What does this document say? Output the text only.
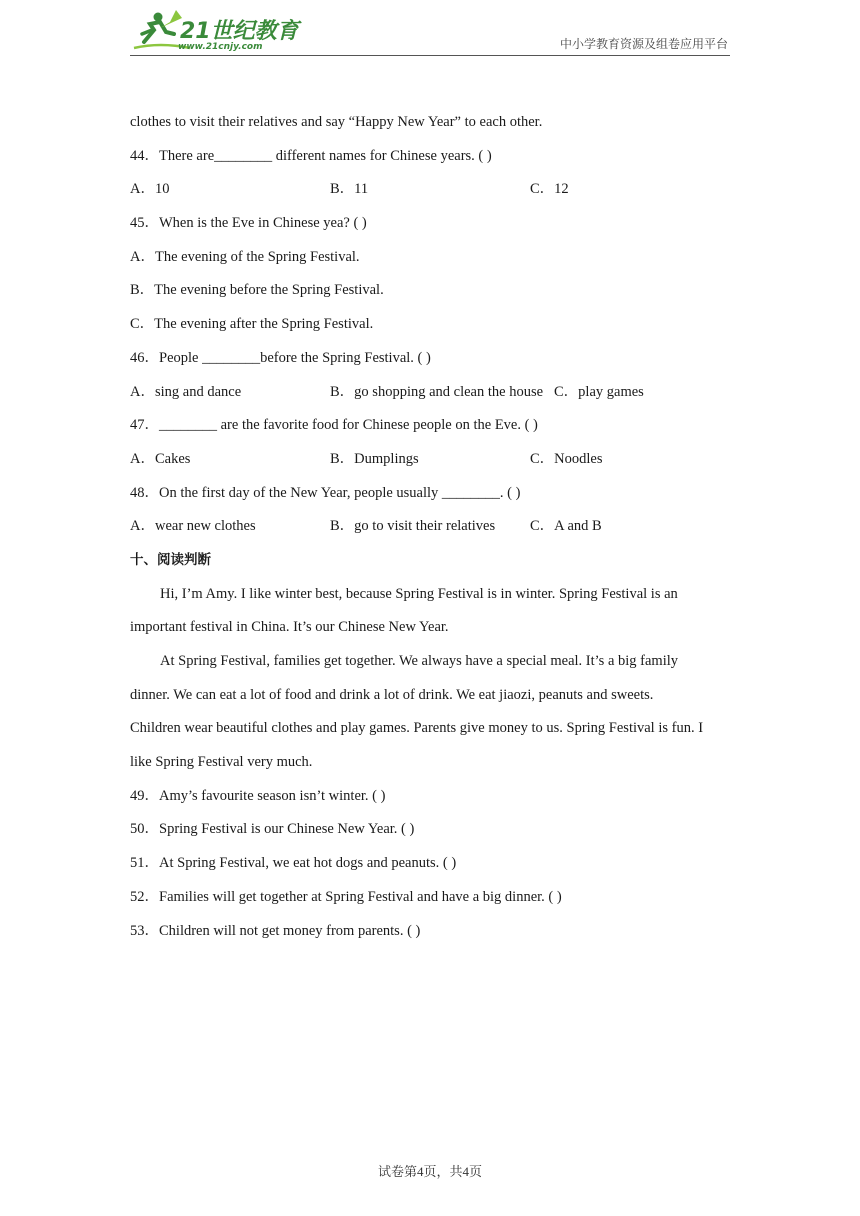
21世纪教育
www.21cnjy.com	中小学教育资源及组卷应用平台
clothes to visit their relatives and say “Happy New Year” to each other.
44．There are________ different names for Chinese years. ( )
A．10	B．11	C．12
45．When is the Eve in Chinese yea? ( )
A．The evening of the Spring Festival.
B．The evening before the Spring Festival.
C．The evening after the Spring Festival.
46．People ________before the Spring Festival. ( )
A．sing and dance	B．go shopping and clean the house C．play games
47．________ are the favorite food for Chinese people on the Eve. ( )
A．Cakes	B．Dumplings	C．Noodles
48．On the first day of the New Year, people usually ________. ( )
A．wear new clothes	B．go to visit their relatives	C．A and B
十、阅读判断
Hi, I’m Amy. I like winter best, because Spring Festival is in winter. Spring Festival is an
important festival in China. It’s our Chinese New Year.
At Spring Festival, families get together. We always have a special meal. It’s a big family
dinner. We can eat a lot of food and drink a lot of drink. We eat jiaozi, peanuts and sweets.
Children wear beautiful clothes and play games. Parents give money to us. Spring Festival is fun. I
like Spring Festival very much.
49．Amy’s favourite season isn’t winter. ( )
50．Spring Festival is our Chinese New Year. ( )
51．At Spring Festival, we eat hot dogs and peanuts. ( )
52．Families will get together at Spring Festival and have a big dinner. ( )
53．Children will not get money from parents. ( )
试卷第4页，共4页
